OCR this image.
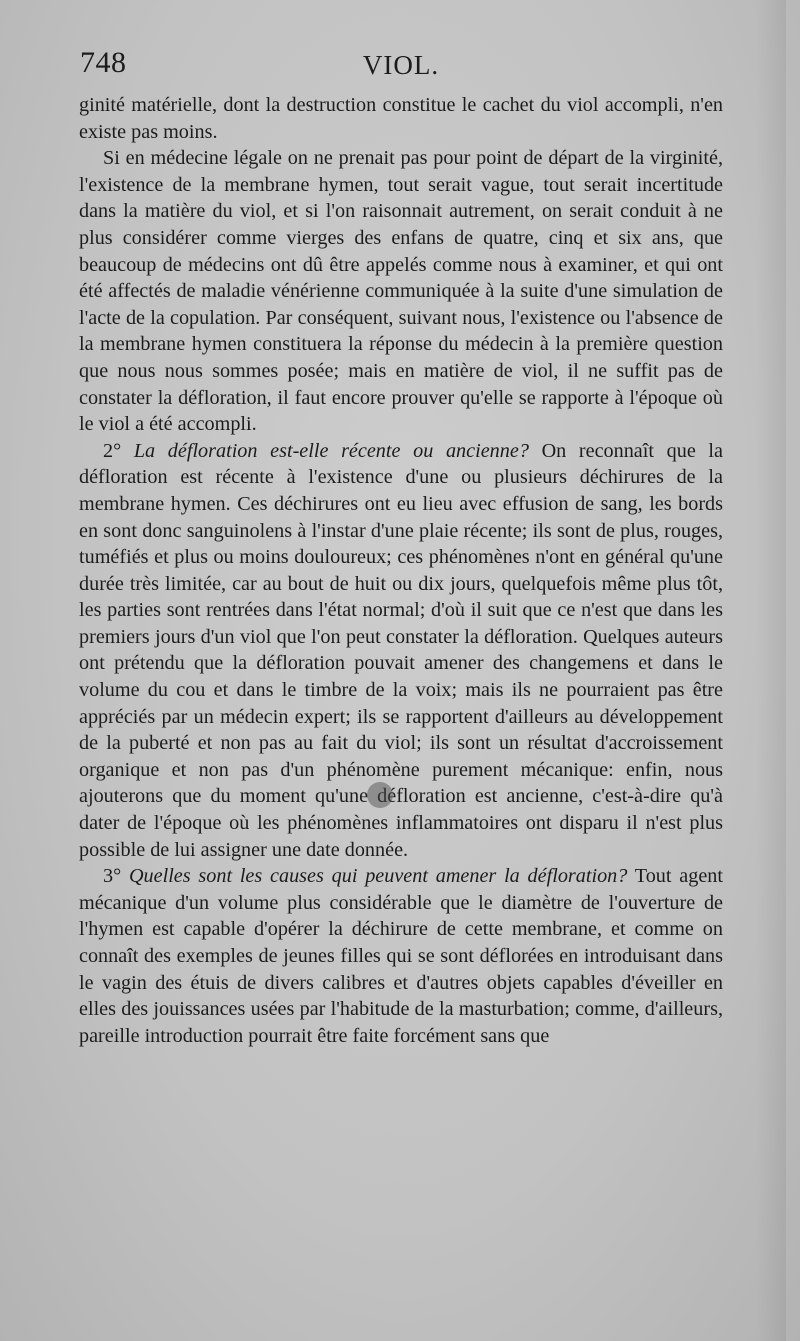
748	VIOL.

ginité matérielle, dont la destruction constitue le cachet du viol accompli, n'en existe pas moins.

Si en médecine légale on ne prenait pas pour point de départ de la virginité, l'existence de la membrane hymen, tout serait vague, tout serait incertitude dans la matière du viol, et si l'on raisonnait autrement, on serait conduit à ne plus considérer comme vierges des enfans de quatre, cinq et six ans, que beaucoup de médecins ont dû être appelés comme nous à examiner, et qui ont été affectés de maladie vénérienne communiquée à la suite d'une simulation de l'acte de la copulation. Par conséquent, suivant nous, l'existence ou l'absence de la membrane hymen constituera la réponse du médecin à la première question que nous nous sommes posée; mais en matière de viol, il ne suffit pas de constater la défloration, il faut encore prouver qu'elle se rapporte à l'époque où le viol a été accompli.

2° La défloration est-elle récente ou ancienne? On reconnaît que la défloration est récente à l'existence d'une ou plusieurs déchirures de la membrane hymen. Ces déchirures ont eu lieu avec effusion de sang, les bords en sont donc sanguinolens à l'instar d'une plaie récente; ils sont de plus, rouges, tuméfiés et plus ou moins douloureux; ces phénomènes n'ont en général qu'une durée très limitée, car au bout de huit ou dix jours, quelquefois même plus tôt, les parties sont rentrées dans l'état normal; d'où il suit que ce n'est que dans les premiers jours d'un viol que l'on peut constater la défloration. Quelques auteurs ont prétendu que la défloration pouvait amener des changemens et dans le volume du cou et dans le timbre de la voix; mais ils ne pourraient pas être appréciés par un médecin expert; ils se rapportent d'ailleurs au développement de la puberté et non pas au fait du viol; ils sont un résultat d'accroissement organique et non pas d'un phénomène purement mécanique: enfin, nous ajouterons que du moment qu'une défloration est ancienne, c'est-à-dire qu'à dater de l'époque où les phénomènes inflammatoires ont disparu il n'est plus possible de lui assigner une date donnée.

3° Quelles sont les causes qui peuvent amener la défloration? Tout agent mécanique d'un volume plus considérable que le diamètre de l'ouverture de l'hymen est capable d'opérer la déchirure de cette membrane, et comme on connaît des exemples de jeunes filles qui se sont déflorées en introduisant dans le vagin des étuis de divers calibres et d'autres objets capables d'éveiller en elles des jouissances usées par l'habitude de la masturbation; comme, d'ailleurs, pareille introduction pourrait être faite forcément sans que
